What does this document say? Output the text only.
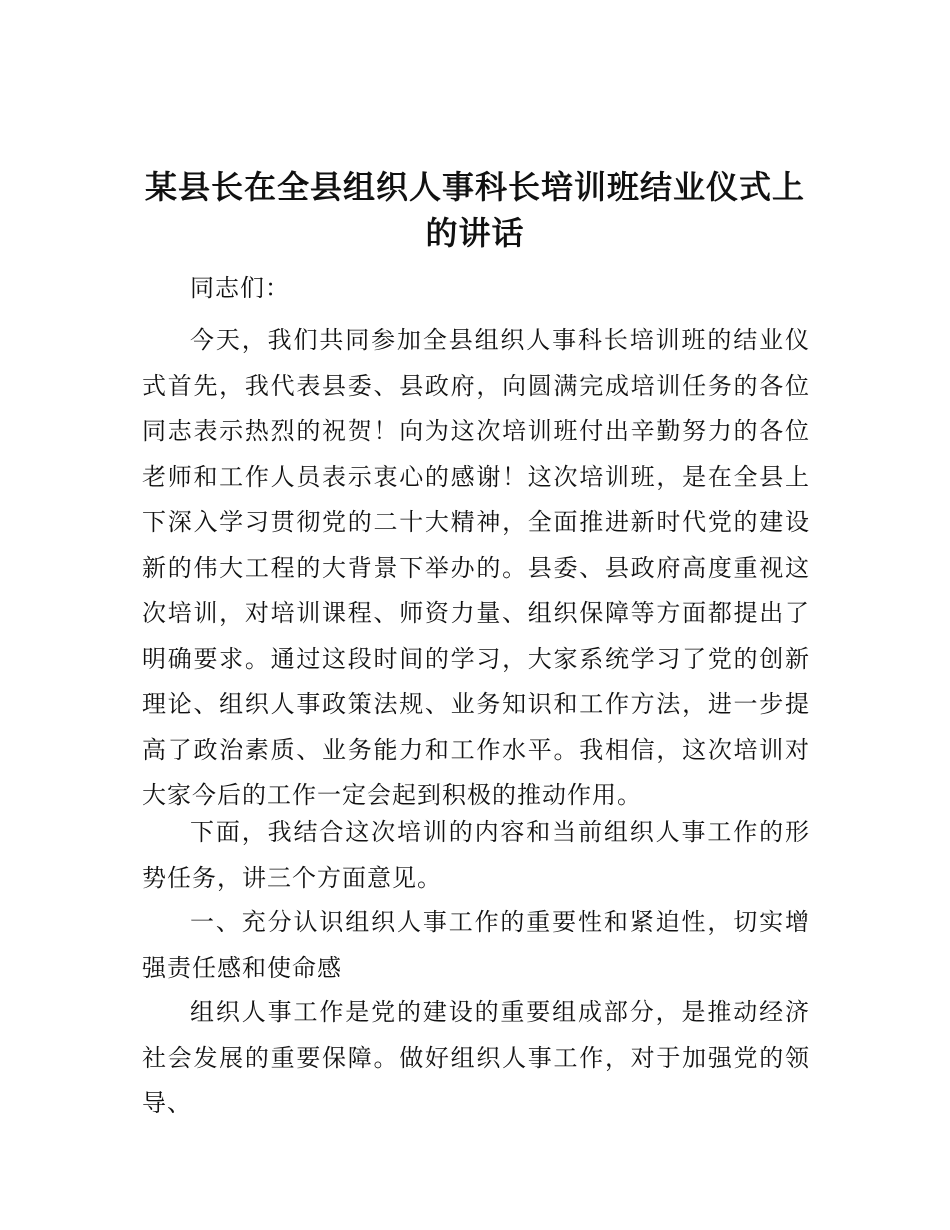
某县长在全县组织人事科长培训班结业仪式上的讲话

同志们：

今天，我们共同参加全县组织人事科长培训班的结业仪式首先，我代表县委、县政府，向圆满完成培训任务的各位同志表示热烈的祝贺！向为这次培训班付出辛勤努力的各位老师和工作人员表示衷心的感谢！这次培训班，是在全县上下深入学习贯彻党的二十大精神，全面推进新时代党的建设新的伟大工程的大背景下举办的。县委、县政府高度重视这次培训，对培训课程、师资力量、组织保障等方面都提出了明确要求。通过这段时间的学习，大家系统学习了党的创新理论、组织人事政策法规、业务知识和工作方法，进一步提高了政治素质、业务能力和工作水平。我相信，这次培训对大家今后的工作一定会起到积极的推动作用。

下面，我结合这次培训的内容和当前组织人事工作的形势任务，讲三个方面意见。

一、充分认识组织人事工作的重要性和紧迫性，切实增强责任感和使命感

组织人事工作是党的建设的重要组成部分，是推动经济社会发展的重要保障。做好组织人事工作，对于加强党的领导、
